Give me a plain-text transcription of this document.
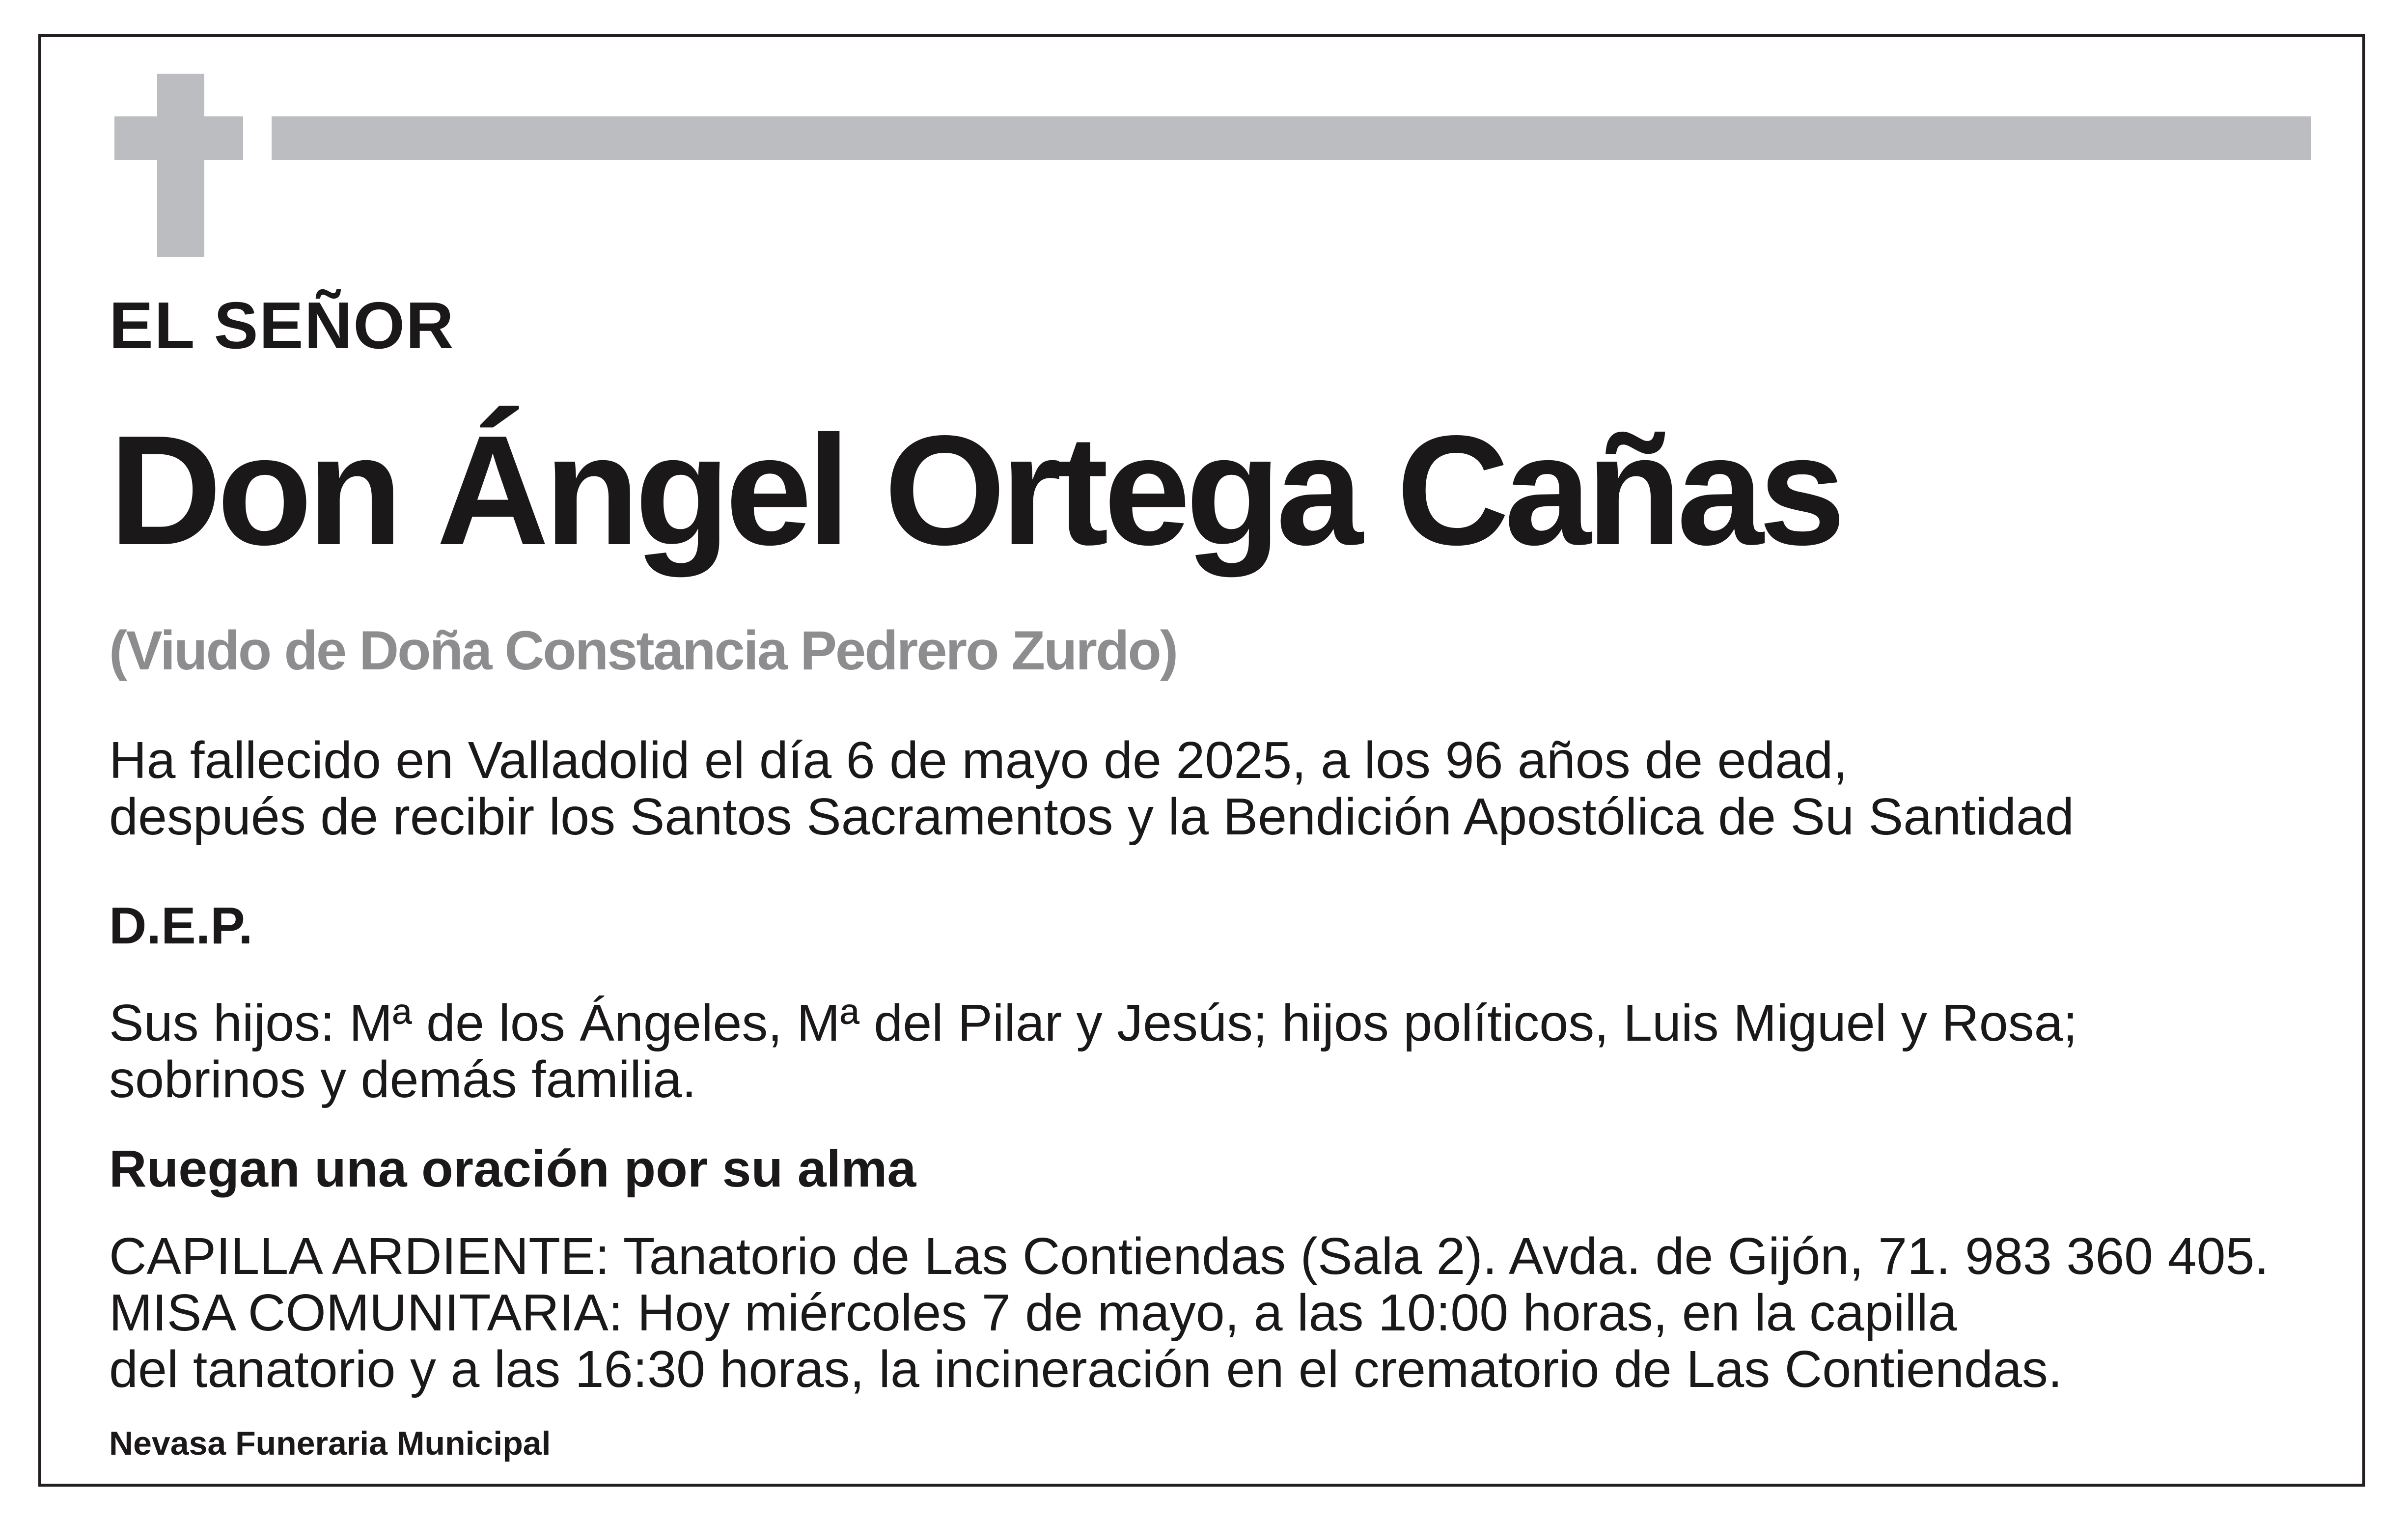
EL SEÑOR

Don Ángel Ortega Cañas

(Viudo de Doña Constancia Pedrero Zurdo)

Ha fallecido en Valladolid el día 6 de mayo de 2025, a los 96 años de edad,

después de recibir los Santos Sacramentos y la Bendición Apostólica de Su Santidad

D.E.P.

Sus hijos: Mª de los Ángeles, Mª del Pilar y Jesús; hijos políticos, Luis Miguel y Rosa;

sobrinos y demás familia.

Ruegan una oración por su alma

CAPILLA ARDIENTE: Tanatorio de Las Contiendas (Sala 2). Avda. de Gijón, 71. 983 360 405.

MISA COMUNITARIA: Hoy miércoles 7 de mayo, a las 10:00 horas, en la capilla

del tanatorio y a las 16:30 horas, la incineración en el crematorio de Las Contiendas.

Nevasa Funeraria Municipal
